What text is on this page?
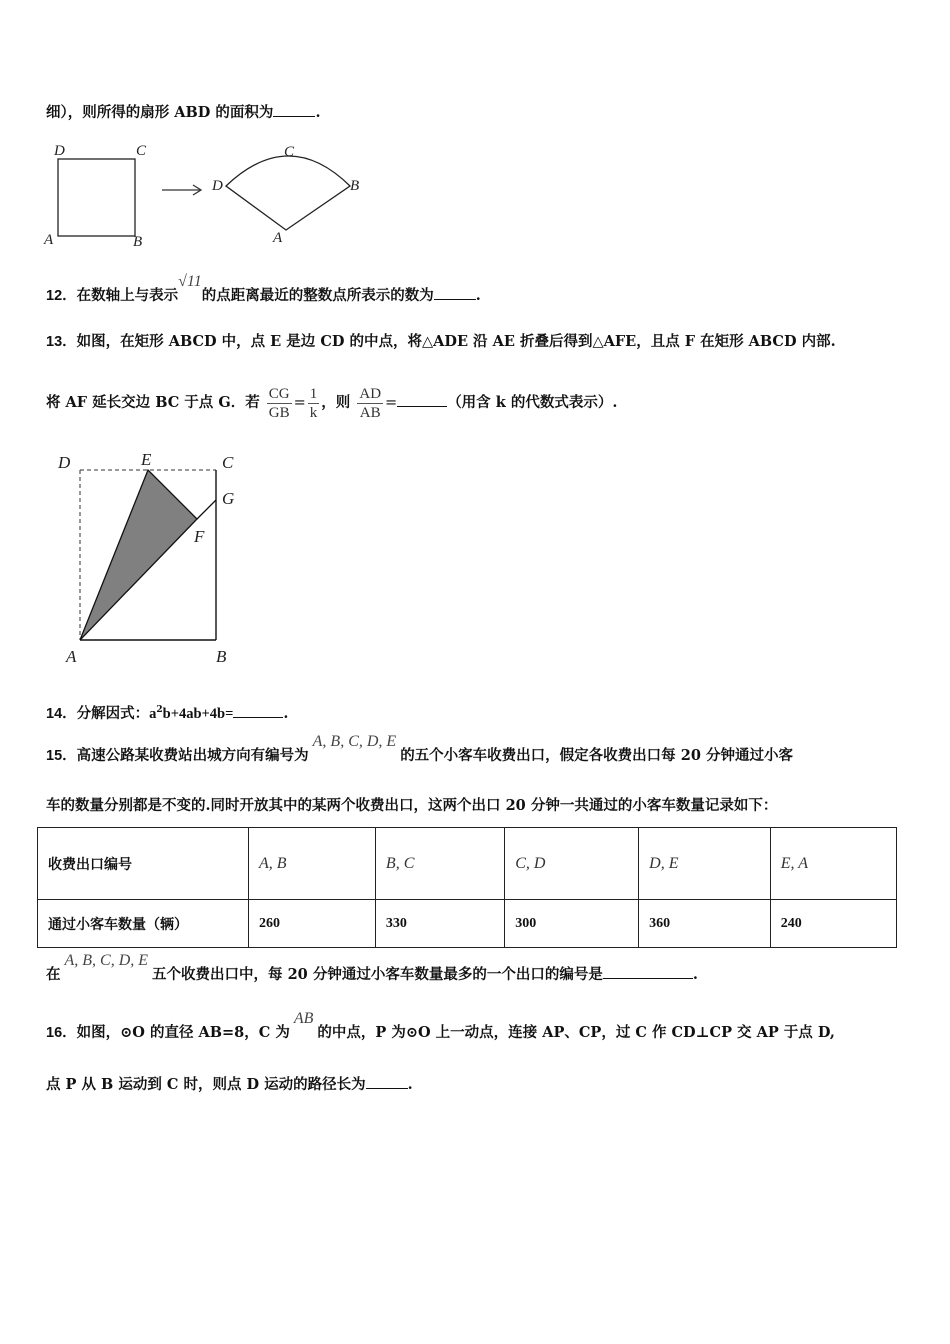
细），则所得的扇形 ABD 的面积为	.
D	C
A	B
C
D	B
A
12．在数轴上与表示√11的点距离最近的整数点所表示的数为	.
13．如图，在矩形 ABCD 中，点 E 是边 CD 的中点，将△ADE 沿 AE 折叠后得到△AFE，且点 F 在矩形 ABCD 内部.
将 AF 延长交边 BC 于点 G．若 $\frac{CG}{GB} = \frac{1}{k}$ ，则 $\frac{AD}{AB}$ =	（用含 k 的代数式表示）.
D	E	C
G
F
A	B
14．分解因式：$a^2b+4ab+4b=$	.
15．高速公路某收费站出城方向有编号为A, B, C, D, E的五个小客车收费出口，假定各收费出口每 20 分钟通过小客
车的数量分别都是不变的.同时开放其中的某两个收费出口，这两个出口 20 分钟一共通过的小客车数量记录如下：
收费出口编号	A, B	B, C	C, D	D, E	E, A
通过小客车数量（辆）	260	330	300	360	240
在A, B, C, D, E五个收费出口中，每 20 分钟通过小客车数量最多的一个出口的编号是	.
16．如图，⊙O 的直径 AB=8，C 为AB的中点，P 为⊙O 上一动点，连接 AP、CP，过 C 作 CD⊥CP 交 AP 于点 D,
点 P 从 B 运动到 C 时，则点 D 运动的路径长为	.
